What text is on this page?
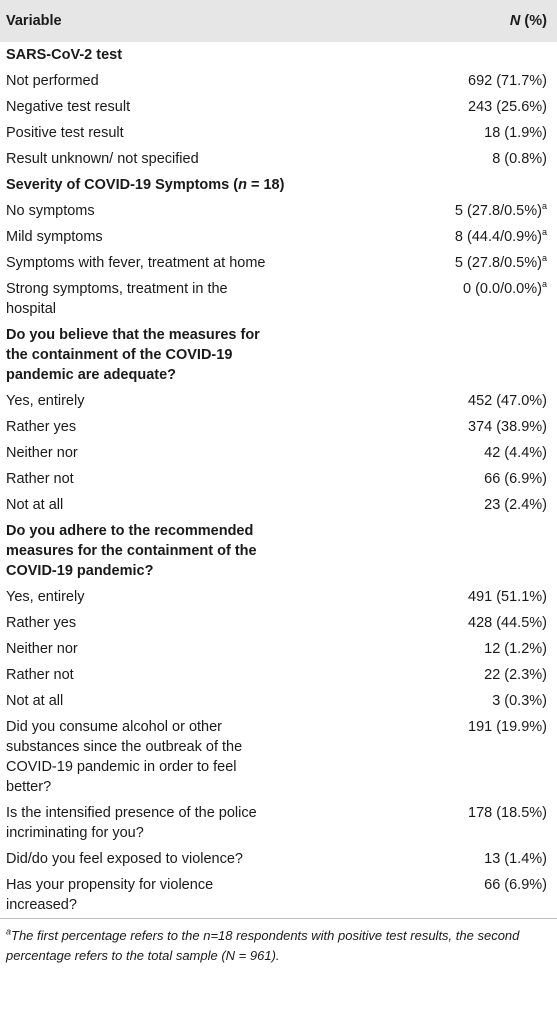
Variable	N (%)
SARS-CoV-2 test	
Not performed	692 (71.7%)
Negative test result	243 (25.6%)
Positive test result	18 (1.9%)
Result unknown/ not specified	8 (0.8%)
Severity of COVID-19 Symptoms (n = 18)	
No symptoms	5 $(27.8/0.5\%)^a$
Mild symptoms	8 $(44.4/0.9\%)^a$
Symptoms with fever, treatment at home	5 $(27.8/0.5\%)^a$
Strong symptoms, treatment in the
hospital	0 $(0.0/0.0\%)^a$
Do you believe that the measures for
the containment of the COVID-19
pandemic are adequate?	
Yes, entirely	452 (47.0%)
Rather yes	374 (38.9%)
Neither nor	42 (4.4%)
Rather not	66 (6.9%)
Not at all	23 (2.4%)
Do you adhere to the recommended
measures for the containment of the
COVID-19 pandemic?	
Yes, entirely	491 (51.1%)
Rather yes	428 (44.5%)
Neither nor	12 (1.2%)
Rather not	22 (2.3%)
Not at all	3 (0.3%)
Did you consume alcohol or other
substances since the outbreak of the
COVID-19 pandemic in order to feel
better?	191 (19.9%)
Is the intensified presence of the police
incriminating for you?	178 (18.5%)
Did/do you feel exposed to violence?	13 (1.4%)
Has your propensity for violence
increased?	66 (6.9%)
$^a$The first percentage refers to the n=18 respondents with positive test results, the second
percentage refers to the total sample (N = 961).
